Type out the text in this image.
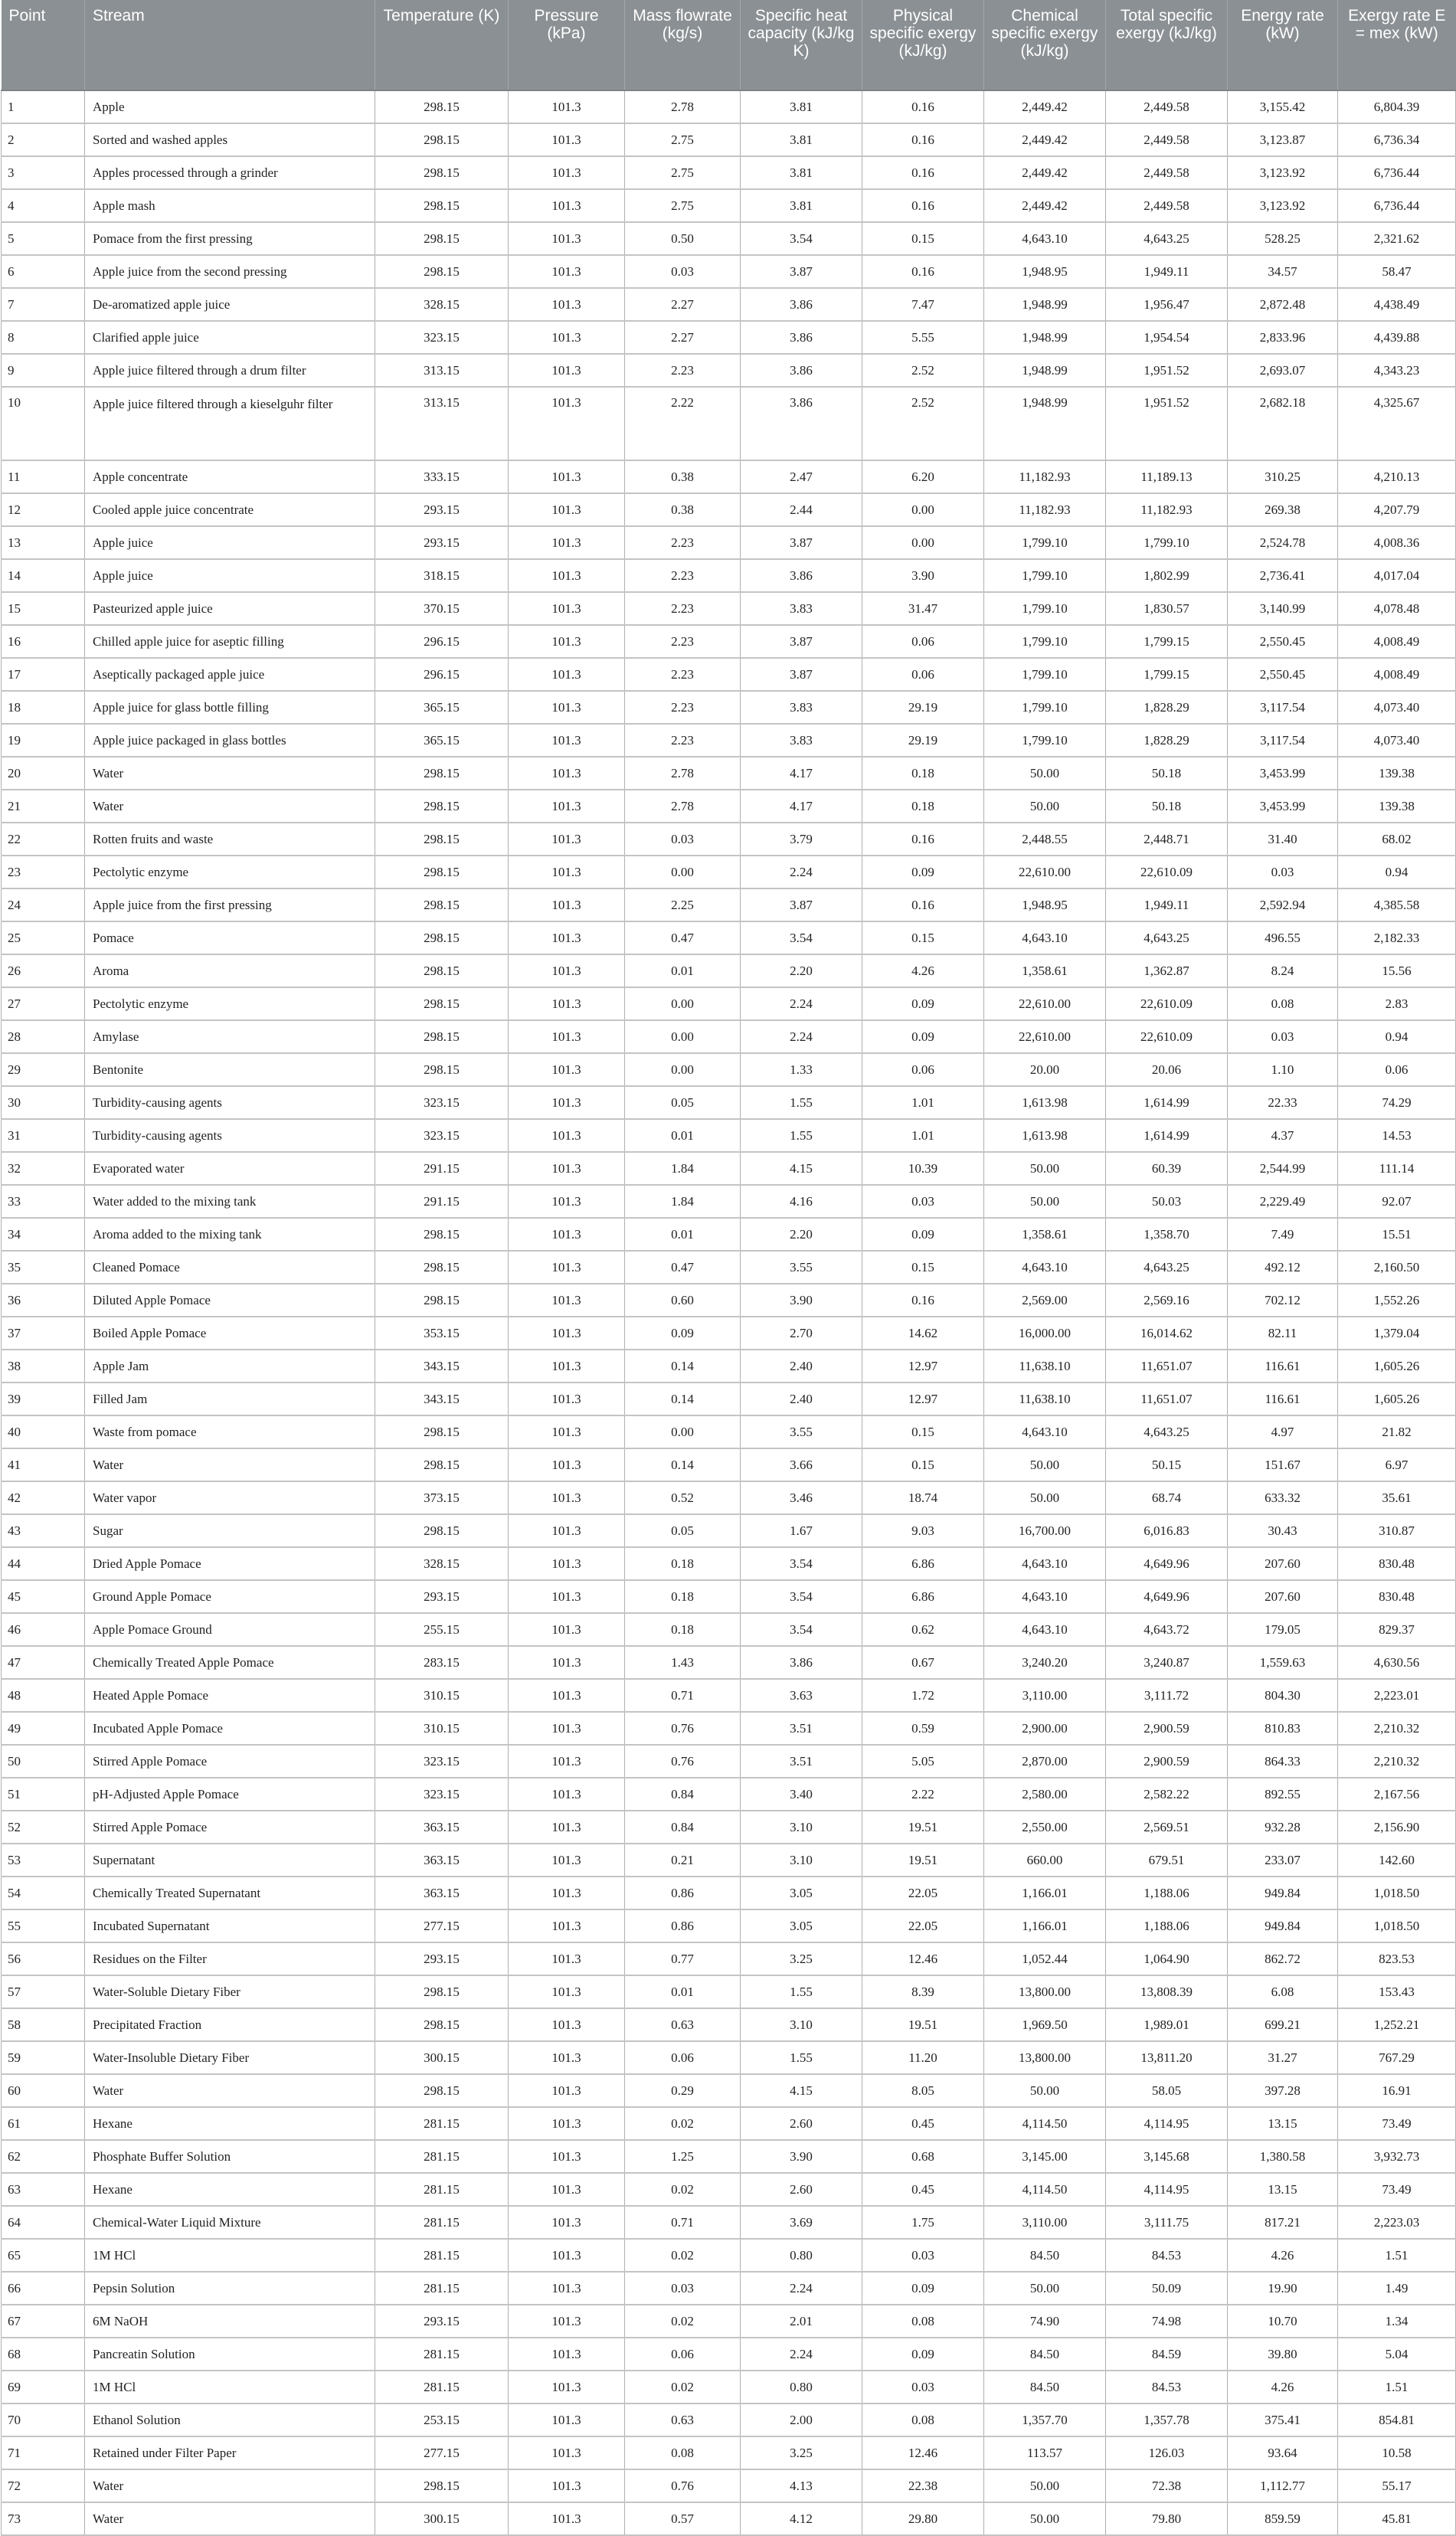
Point	Stream	Temperature (K)	Pressure (kPa)	Mass flowrate (kg/s)	Specific heat capacity (kJ/kg K)	Physical specific exergy (kJ/kg)	Chemical specific exergy (kJ/kg)	Total specific exergy (kJ/kg)	Energy rate (kW)	Exergy rate E = mex (kW)
1	Apple	298.15	101.3	2.78	3.81	0.16	2,449.42	2,449.58	3,155.42	6,804.39
2	Sorted and washed apples	298.15	101.3	2.75	3.81	0.16	2,449.42	2,449.58	3,123.87	6,736.34
3	Apples processed through a grinder	298.15	101.3	2.75	3.81	0.16	2,449.42	2,449.58	3,123.92	6,736.44
4	Apple mash	298.15	101.3	2.75	3.81	0.16	2,449.42	2,449.58	3,123.92	6,736.44
5	Pomace from the first pressing	298.15	101.3	0.50	3.54	0.15	4,643.10	4,643.25	528.25	2,321.62
6	Apple juice from the second pressing	298.15	101.3	0.03	3.87	0.16	1,948.95	1,949.11	34.57	58.47
7	De-aromatized apple juice	328.15	101.3	2.27	3.86	7.47	1,948.99	1,956.47	2,872.48	4,438.49
8	Clarified apple juice	323.15	101.3	2.27	3.86	5.55	1,948.99	1,954.54	2,833.96	4,439.88
9	Apple juice filtered through a drum filter	313.15	101.3	2.23	3.86	2.52	1,948.99	1,951.52	2,693.07	4,343.23
10	Apple juice filtered through a kieselguhr filter	313.15	101.3	2.22	3.86	2.52	1,948.99	1,951.52	2,682.18	4,325.67
11	Apple concentrate	333.15	101.3	0.38	2.47	6.20	11,182.93	11,189.13	310.25	4,210.13
12	Cooled apple juice concentrate	293.15	101.3	0.38	2.44	0.00	11,182.93	11,182.93	269.38	4,207.79
13	Apple juice	293.15	101.3	2.23	3.87	0.00	1,799.10	1,799.10	2,524.78	4,008.36
14	Apple juice	318.15	101.3	2.23	3.86	3.90	1,799.10	1,802.99	2,736.41	4,017.04
15	Pasteurized apple juice	370.15	101.3	2.23	3.83	31.47	1,799.10	1,830.57	3,140.99	4,078.48
16	Chilled apple juice for aseptic filling	296.15	101.3	2.23	3.87	0.06	1,799.10	1,799.15	2,550.45	4,008.49
17	Aseptically packaged apple juice	296.15	101.3	2.23	3.87	0.06	1,799.10	1,799.15	2,550.45	4,008.49
18	Apple juice for glass bottle filling	365.15	101.3	2.23	3.83	29.19	1,799.10	1,828.29	3,117.54	4,073.40
19	Apple juice packaged in glass bottles	365.15	101.3	2.23	3.83	29.19	1,799.10	1,828.29	3,117.54	4,073.40
20	Water	298.15	101.3	2.78	4.17	0.18	50.00	50.18	3,453.99	139.38
21	Water	298.15	101.3	2.78	4.17	0.18	50.00	50.18	3,453.99	139.38
22	Rotten fruits and waste	298.15	101.3	0.03	3.79	0.16	2,448.55	2,448.71	31.40	68.02
23	Pectolytic enzyme	298.15	101.3	0.00	2.24	0.09	22,610.00	22,610.09	0.03	0.94
24	Apple juice from the first pressing	298.15	101.3	2.25	3.87	0.16	1,948.95	1,949.11	2,592.94	4,385.58
25	Pomace	298.15	101.3	0.47	3.54	0.15	4,643.10	4,643.25	496.55	2,182.33
26	Aroma	298.15	101.3	0.01	2.20	4.26	1,358.61	1,362.87	8.24	15.56
27	Pectolytic enzyme	298.15	101.3	0.00	2.24	0.09	22,610.00	22,610.09	0.08	2.83
28	Amylase	298.15	101.3	0.00	2.24	0.09	22,610.00	22,610.09	0.03	0.94
29	Bentonite	298.15	101.3	0.00	1.33	0.06	20.00	20.06	1.10	0.06
30	Turbidity-causing agents	323.15	101.3	0.05	1.55	1.01	1,613.98	1,614.99	22.33	74.29
31	Turbidity-causing agents	323.15	101.3	0.01	1.55	1.01	1,613.98	1,614.99	4.37	14.53
32	Evaporated water	291.15	101.3	1.84	4.15	10.39	50.00	60.39	2,544.99	111.14
33	Water added to the mixing tank	291.15	101.3	1.84	4.16	0.03	50.00	50.03	2,229.49	92.07
34	Aroma added to the mixing tank	298.15	101.3	0.01	2.20	0.09	1,358.61	1,358.70	7.49	15.51
35	Cleaned Pomace	298.15	101.3	0.47	3.55	0.15	4,643.10	4,643.25	492.12	2,160.50
36	Diluted Apple Pomace	298.15	101.3	0.60	3.90	0.16	2,569.00	2,569.16	702.12	1,552.26
37	Boiled Apple Pomace	353.15	101.3	0.09	2.70	14.62	16,000.00	16,014.62	82.11	1,379.04
38	Apple Jam	343.15	101.3	0.14	2.40	12.97	11,638.10	11,651.07	116.61	1,605.26
39	Filled Jam	343.15	101.3	0.14	2.40	12.97	11,638.10	11,651.07	116.61	1,605.26
40	Waste from pomace	298.15	101.3	0.00	3.55	0.15	4,643.10	4,643.25	4.97	21.82
41	Water	298.15	101.3	0.14	3.66	0.15	50.00	50.15	151.67	6.97
42	Water vapor	373.15	101.3	0.52	3.46	18.74	50.00	68.74	633.32	35.61
43	Sugar	298.15	101.3	0.05	1.67	9.03	16,700.00	6,016.83	30.43	310.87
44	Dried Apple Pomace	328.15	101.3	0.18	3.54	6.86	4,643.10	4,649.96	207.60	830.48
45	Ground Apple Pomace	293.15	101.3	0.18	3.54	6.86	4,643.10	4,649.96	207.60	830.48
46	Apple Pomace Ground	255.15	101.3	0.18	3.54	0.62	4,643.10	4,643.72	179.05	829.37
47	Chemically Treated Apple Pomace	283.15	101.3	1.43	3.86	0.67	3,240.20	3,240.87	1,559.63	4,630.56
48	Heated Apple Pomace	310.15	101.3	0.71	3.63	1.72	3,110.00	3,111.72	804.30	2,223.01
49	Incubated Apple Pomace	310.15	101.3	0.76	3.51	0.59	2,900.00	2,900.59	810.83	2,210.32
50	Stirred Apple Pomace	323.15	101.3	0.76	3.51	5.05	2,870.00	2,900.59	864.33	2,210.32
51	pH-Adjusted Apple Pomace	323.15	101.3	0.84	3.40	2.22	2,580.00	2,582.22	892.55	2,167.56
52	Stirred Apple Pomace	363.15	101.3	0.84	3.10	19.51	2,550.00	2,569.51	932.28	2,156.90
53	Supernatant	363.15	101.3	0.21	3.10	19.51	660.00	679.51	233.07	142.60
54	Chemically Treated Supernatant	363.15	101.3	0.86	3.05	22.05	1,166.01	1,188.06	949.84	1,018.50
55	Incubated Supernatant	277.15	101.3	0.86	3.05	22.05	1,166.01	1,188.06	949.84	1,018.50
56	Residues on the Filter	293.15	101.3	0.77	3.25	12.46	1,052.44	1,064.90	862.72	823.53
57	Water-Soluble Dietary Fiber	298.15	101.3	0.01	1.55	8.39	13,800.00	13,808.39	6.08	153.43
58	Precipitated Fraction	298.15	101.3	0.63	3.10	19.51	1,969.50	1,989.01	699.21	1,252.21
59	Water-Insoluble Dietary Fiber	300.15	101.3	0.06	1.55	11.20	13,800.00	13,811.20	31.27	767.29
60	Water	298.15	101.3	0.29	4.15	8.05	50.00	58.05	397.28	16.91
61	Hexane	281.15	101.3	0.02	2.60	0.45	4,114.50	4,114.95	13.15	73.49
62	Phosphate Buffer Solution	281.15	101.3	1.25	3.90	0.68	3,145.00	3,145.68	1,380.58	3,932.73
63	Hexane	281.15	101.3	0.02	2.60	0.45	4,114.50	4,114.95	13.15	73.49
64	Chemical-Water Liquid Mixture	281.15	101.3	0.71	3.69	1.75	3,110.00	3,111.75	817.21	2,223.03
65	1M HCl	281.15	101.3	0.02	0.80	0.03	84.50	84.53	4.26	1.51
66	Pepsin Solution	281.15	101.3	0.03	2.24	0.09	50.00	50.09	19.90	1.49
67	6M NaOH	293.15	101.3	0.02	2.01	0.08	74.90	74.98	10.70	1.34
68	Pancreatin Solution	281.15	101.3	0.06	2.24	0.09	84.50	84.59	39.80	5.04
69	1M HCl	281.15	101.3	0.02	0.80	0.03	84.50	84.53	4.26	1.51
70	Ethanol Solution	253.15	101.3	0.63	2.00	0.08	1,357.70	1,357.78	375.41	854.81
71	Retained under Filter Paper	277.15	101.3	0.08	3.25	12.46	113.57	126.03	93.64	10.58
72	Water	298.15	101.3	0.76	4.13	22.38	50.00	72.38	1,112.77	55.17
73	Water	300.15	101.3	0.57	4.12	29.80	50.00	79.80	859.59	45.81
